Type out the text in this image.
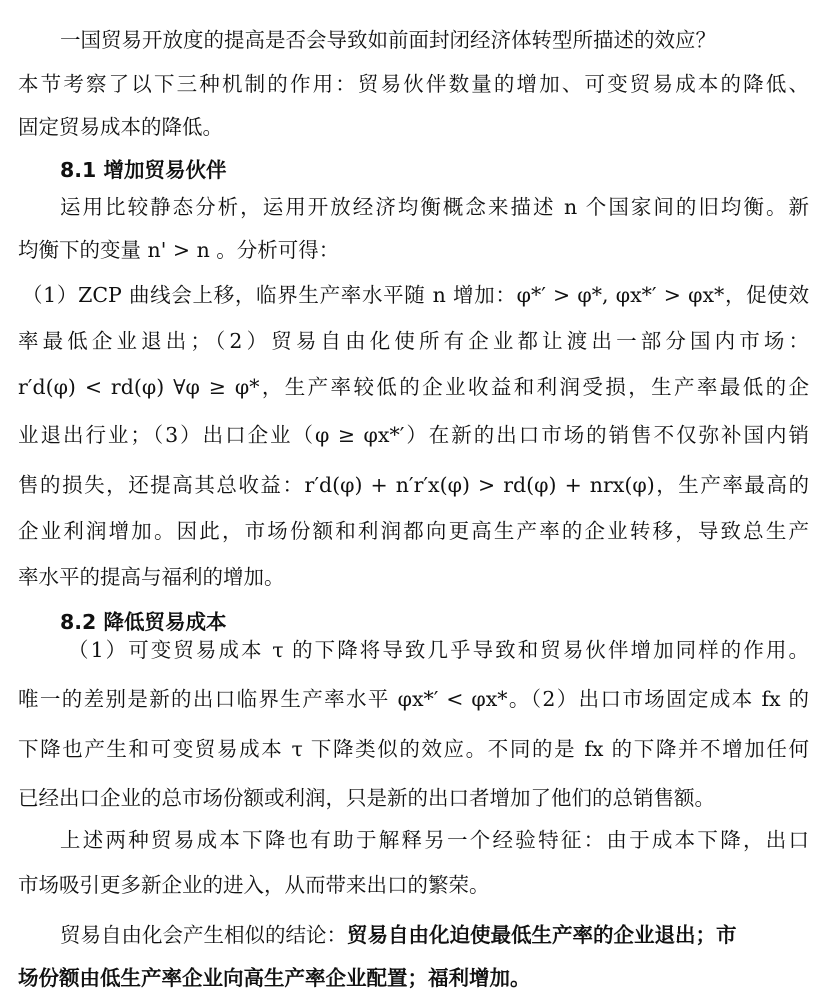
一国贸易开放度的提高是否会导致如前面封闭经济体转型所描述的效应？
本节考察了以下三种机制的作用：贸易伙伴数量的增加、可变贸易成本的降低、
固定贸易成本的降低。
8.1 增加贸易伙伴
运用比较静态分析，运用开放经济均衡概念来描述 n 个国家间的旧均衡。新
均衡下的变量 n' > n 。分析可得：
（1）ZCP 曲线会上移，临界生产率水平随 n 增加：φ*′ > φ*, φx*′ > φx*，促使效
率最低企业退出；（2）贸易自由化使所有企业都让渡出一部分国内市场：
r′d(φ) < rd(φ) ∀φ ≥ φ*，生产率较低的企业收益和利润受损，生产率最低的企
业退出行业；（3）出口企业（φ ≥ φx*′）在新的出口市场的销售不仅弥补国内销
售的损失，还提高其总收益：r′d(φ) + n′r′x(φ) > rd(φ) + nrx(φ)，生产率最高的
企业利润增加。因此，市场份额和利润都向更高生产率的企业转移，导致总生产
率水平的提高与福利的增加。
8.2 降低贸易成本
（1）可变贸易成本 τ 的下降将导致几乎导致和贸易伙伴增加同样的作用。
唯一的差别是新的出口临界生产率水平 φx*′ < φx*。（2）出口市场固定成本 fx 的
下降也产生和可变贸易成本 τ 下降类似的效应。不同的是 fx 的下降并不增加任何
已经出口企业的总市场份额或利润，只是新的出口者增加了他们的总销售额。
上述两种贸易成本下降也有助于解释另一个经验特征：由于成本下降，出口
市场吸引更多新企业的进入，从而带来出口的繁荣。
贸易自由化会产生相似的结论：贸易自由化迫使最低生产率的企业退出；市
场份额由低生产率企业向高生产率企业配置；福利增加。
